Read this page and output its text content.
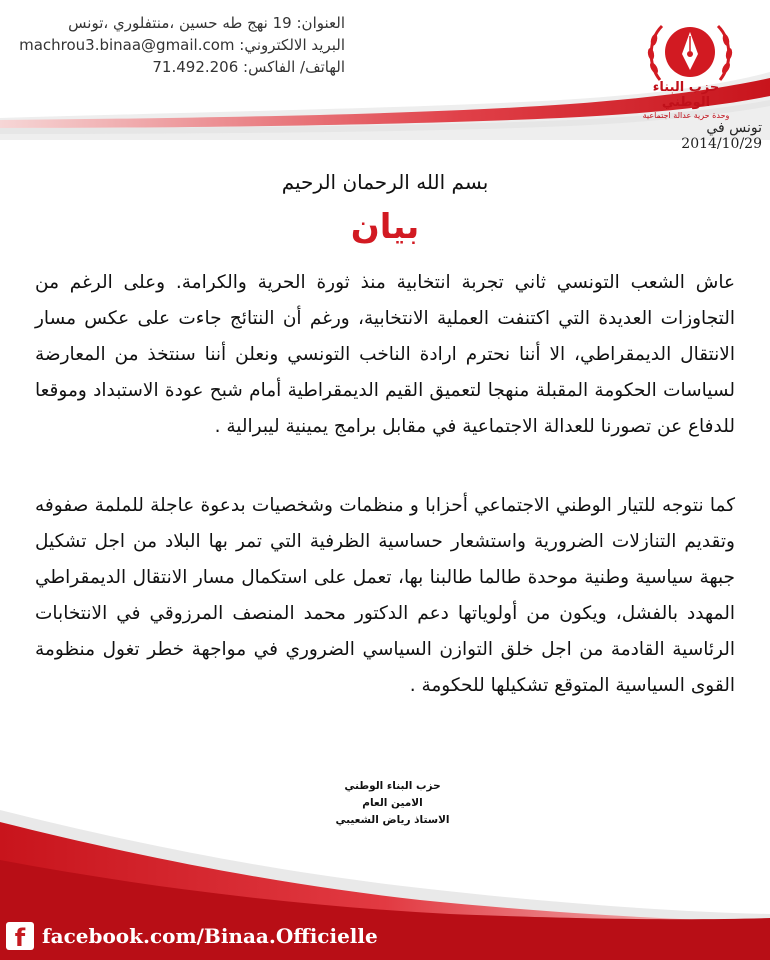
العنوان: 19 نهج طه حسين ،منتفلوري ،تونس
البريد الالكتروني: machrou3.binaa@gmail.com
الهاتف/ الفاكس: 71.492.206
حزب البناء الوطني
وحدة حرية عدالة اجتماعية
تونس في 2014/10/29
بسم الله الرحمان الرحيم
بيان
عاش الشعب التونسي ثاني تجربة انتخابية منذ ثورة الحرية والكرامة. وعلى الرغم من التجاوزات العديدة التي اكتنفت العملية الانتخابية، ورغم أن النتائج جاءت على عكس مسار الانتقال الديمقراطي، الا أننا نحترم ارادة الناخب التونسي ونعلن أننا سنتخذ من المعارضة لسياسات الحكومة المقبلة منهجا لتعميق القيم الديمقراطية أمام شبح عودة الاستبداد وموقعا للدفاع عن تصورنا للعدالة الاجتماعية في مقابل برامج يمينية ليبرالية .
كما نتوجه للتيار الوطني الاجتماعي أحزابا و منظمات وشخصيات بدعوة عاجلة للملمة صفوفه وتقديم التنازلات الضرورية واستشعار حساسية الظرفية التي تمر بها البلاد من اجل تشكيل جبهة سياسية وطنية موحدة طالما طالبنا بها، تعمل على استكمال مسار الانتقال الديمقراطي المهدد بالفشل، ويكون من أولوياتها دعم الدكتور محمد المنصف المرزوقي في الانتخابات الرئاسية القادمة من اجل خلق التوازن السياسي الضروري في مواجهة خطر تغول منظومة القوى السياسية المتوقع تشكيلها للحكومة .
حزب البناء الوطني
الامين العام
الاستاذ رياض الشعيبي
f facebook.com/Binaa.Officielle
